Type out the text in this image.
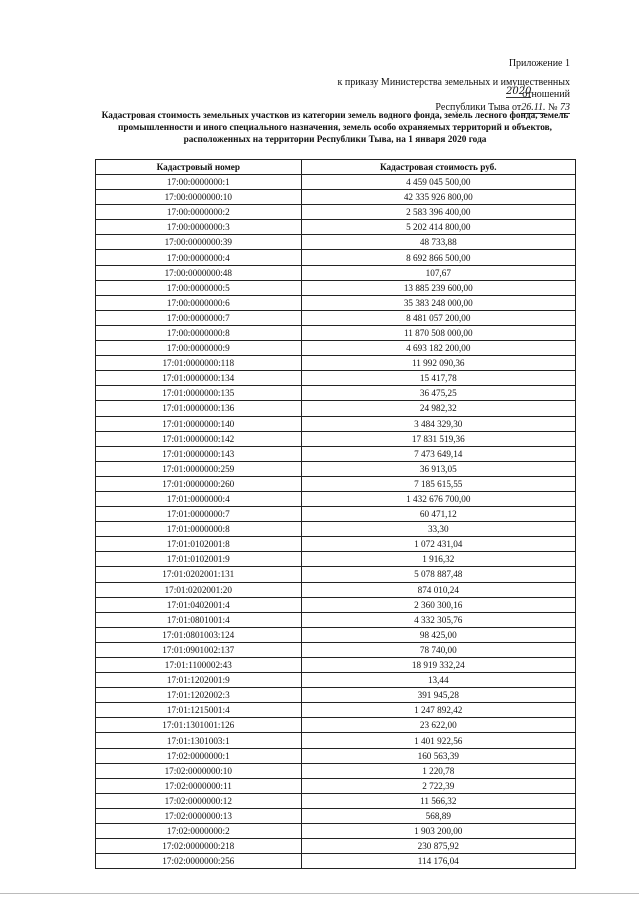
Приложение 1
к приказу Министерства земельных и имущественных
отношений
Республики Тыва от26.11. № 73
2020
Кадастровая стоимость земельных участков из категории земель водного фонда, земель лесного фонда, земель промышленности и иного специального назначения, земель особо охраняемых территорий и объектов, расположенных на территории Республики Тыва, на 1 января 2020 года
Кадастровый номер	Кадастровая стоимость руб.
17:00:0000000:1	4 459 045 500,00
17:00:0000000:10	42 335 926 800,00
17:00:0000000:2	2 583 396 400,00
17:00:0000000:3	5 202 414 800,00
17:00:0000000:39	48 733,88
17:00:0000000:4	8 692 866 500,00
17:00:0000000:48	107,67
17:00:0000000:5	13 885 239 600,00
17:00:0000000:6	35 383 248 000,00
17:00:0000000:7	8 481 057 200,00
17:00:0000000:8	11 870 508 000,00
17:00:0000000:9	4 693 182 200,00
17:01:0000000:118	11 992 090,36
17:01:0000000:134	15 417,78
17:01:0000000:135	36 475,25
17:01:0000000:136	24 982,32
17:01:0000000:140	3 484 329,30
17:01:0000000:142	17 831 519,36
17:01:0000000:143	7 473 649,14
17:01:0000000:259	36 913,05
17:01:0000000:260	7 185 615,55
17:01:0000000:4	1 432 676 700,00
17:01:0000000:7	60 471,12
17:01:0000000:8	33,30
17:01:0102001:8	1 072 431,04
17:01:0102001:9	1 916,32
17:01:0202001:131	5 078 887,48
17:01:0202001:20	874 010,24
17:01:0402001:4	2 360 300,16
17:01:0801001:4	4 332 305,76
17:01:0801003:124	98 425,00
17:01:0901002:137	78 740,00
17:01:1100002:43	18 919 332,24
17:01:1202001:9	13,44
17:01:1202002:3	391 945,28
17:01:1215001:4	1 247 892,42
17:01:1301001:126	23 622,00
17:01:1301003:1	1 401 922,56
17:02:0000000:1	160 563,39
17:02:0000000:10	1 220,78
17:02:0000000:11	2 722,39
17:02:0000000:12	11 566,32
17:02:0000000:13	568,89
17:02:0000000:2	1 903 200,00
17:02:0000000:218	230 875,92
17:02:0000000:256	114 176,04
